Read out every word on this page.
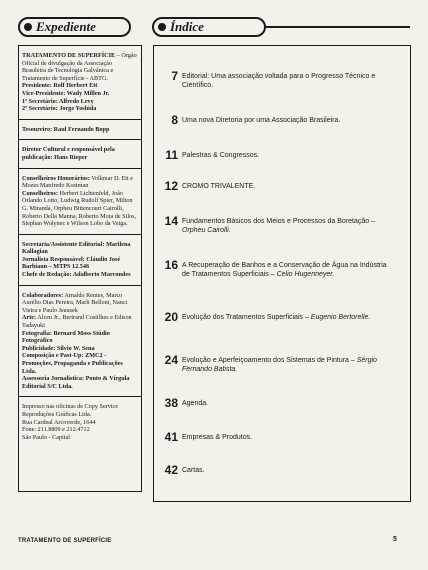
Expediente	Índice
TRATAMENTO DE SUPERFÍCIE – Órgão Oficial de divulgação da Associação Brasileira de Tecnologia Galvânica e Tratamento de Superfície - ABTG.
Presidente: Rolf Herbert Ett
Vice-Presidente: Wady Millen Jr.
1º Secretário: Alfredo Levy
2º Secretário: Jorge Yoshida
Tesoureiro: Raul Fernando Bopp
Diretor Cultural e responsável pela publicação: Hans Rieper
Conselheiros Honorários: Volkmar D. Ett e Mozes Manfredo Kostman
Conselheiros: Herbert Lichtenfeld, João Orlando Lotto, Ludwig Rudolf Spier, Milton G. Miranda, Orpheu Bittencourt Cairolli, Roberto Della Manna, Roberto Mota de Silos, Stephan Wolynec e Wilson Lobo da Veiga.
Secretaria/Assistente Editorial: Marilena Kallagian
Jornalista Responsável: Cláudio José Barbiaun – MTPS 12.546
Chefe de Redação: Adalberto Marcondes
Colaboradores: Arnaldo Rentes, Marco Aurélio Dias Pereira, Marli Belloni, Nanci Vieira e Paulo Jeausek
Arte: Alceu Jr., Bertrand Costilhes e Edison Tadayuki
Fotografia: Bernard Moss Stúdio Fotográfico
Publicidade: Silvio W. Sena
Composição e Past-Up: ZMC2 - Promoções, Propaganda e Publicações Ltda.
Assessoria Jornalística: Ponto & Vírgula Editorial S/C Ltda.
Impresso nas oficinas de Copy Service
Reproduções Gráficas Ltda.
Rua Cardeal Arcoverde, 1644
Fone: 211.8809 e 212.4712
São Paulo - Capital
7 Editorial: Uma associação voltada para o Progresso Técnico e Científico.
8 Uma nova Diretoria por uma Associação Brasileira.
11 Palestras & Congressos.
12 CROMO TRIVALENTE.
14 Fundamentos Básicos dos Meios e Processos da Boretação – Orpheu Cairolli.
16 A Recuperação de Banhos e a Conservação de Água na Indústria de Tratamentos Superficiais – Celio Hugenneyer.
20 Evolução dos Tratamentos Superficiais – Eugenio Bertorelle.
24 Evolução e Aperfeiçoamento dos Sistemas de Pintura – Sérgio Fernando Batista.
38 Agenda.
41 Empresas & Produtos.
42 Cartas.
TRATAMENTO DE SUPERFÍCIE	5
